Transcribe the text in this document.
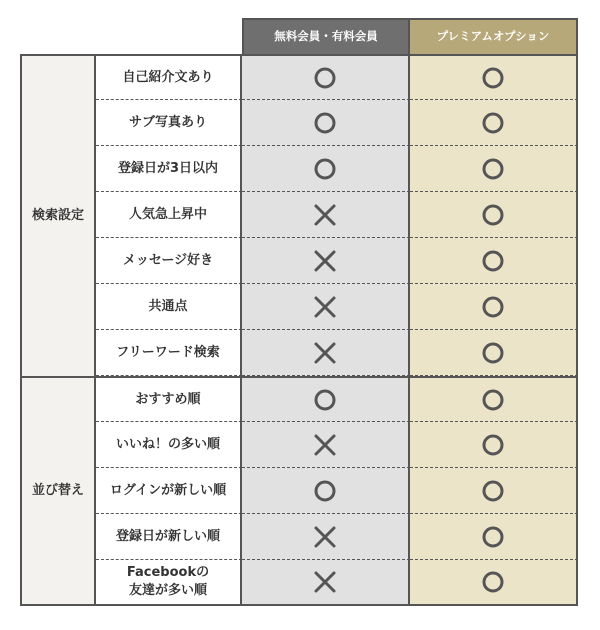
無料会員・有料会員	プレミアムオプション
検索設定
並び替え
自己紹介文あり
サブ写真あり
登録日が3日以内
人気急上昇中
メッセージ好き
共通点
フリーワード検索
おすすめ順
いいね！の多い順
ログインが新しい順
登録日が新しい順
Facebookの
友達が多い順
